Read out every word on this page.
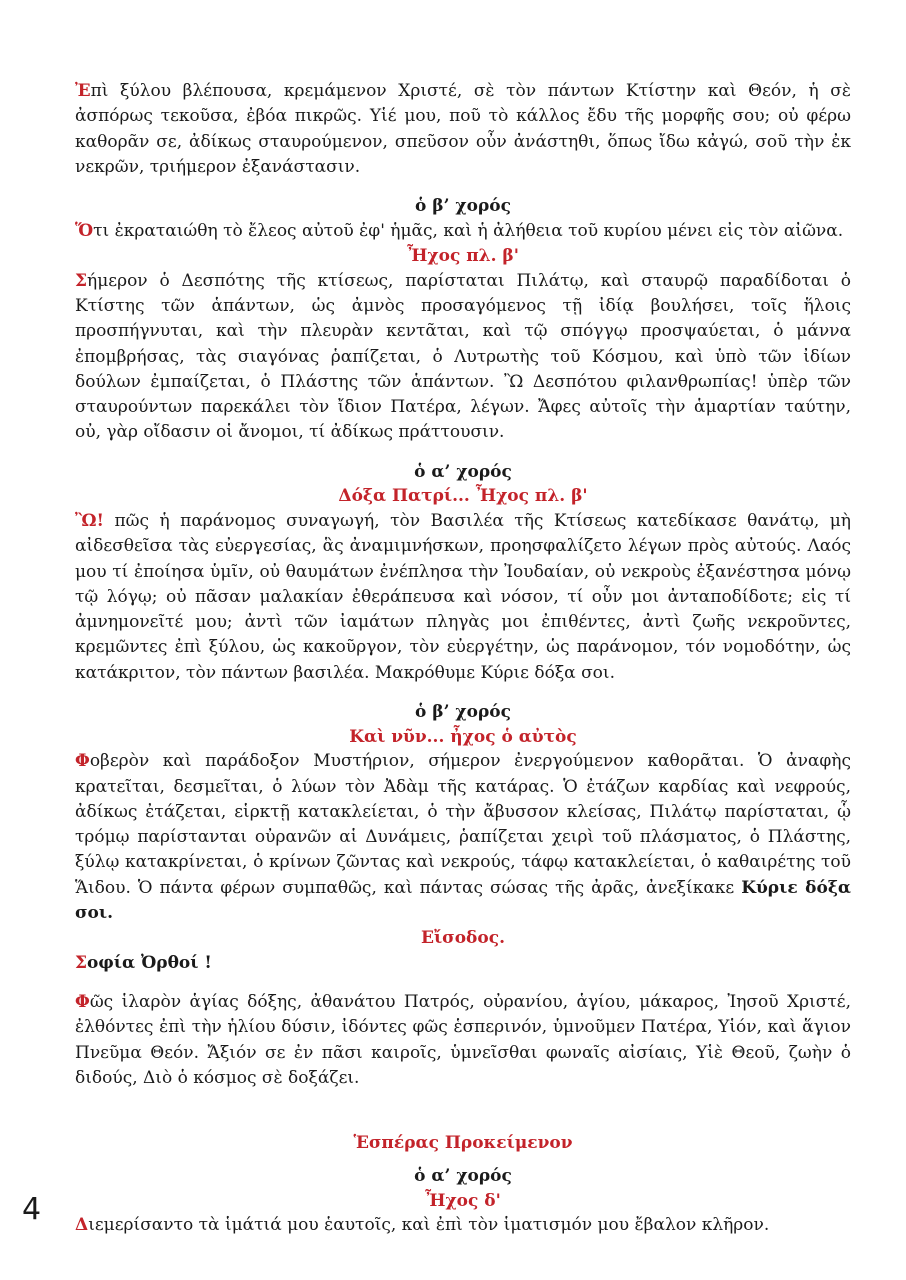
Ἐπὶ ξύλου βλέπουσα, κρεμάμενον Χριστέ, σὲ τὸν πάντων Κτίστην καὶ Θεόν, ἡ σὲ ἀσπόρως τεκοῦσα, ἐβόα πικρῶς. Υἱέ μου, ποῦ τὸ κάλλος ἔδυ τῆς μορφῆς σου; οὐ φέρω καθορᾶν σε, ἀδίκως σταυρούμενον, σπεῦσον οὖν ἀνάστηθι, ὅπως ἴδω κἀγώ, σοῦ τὴν ἐκ νεκρῶν, τριήμερον ἐξανάστασιν.

ὁ β’ χορός

Ὅτι ἐκραταιώθη τὸ ἔλεος αὐτοῦ ἐφ' ἡμᾶς, καὶ ἡ ἀλήθεια τοῦ κυρίου μένει εἰς τὸν αἰῶνα.

Ἦχος πλ. β'

Σήμερον ὁ Δεσπότης τῆς κτίσεως, παρίσταται Πιλάτῳ, καὶ σταυρῷ παραδίδοται ὁ Κτίστης τῶν ἁπάντων, ὡς ἀμνὸς προσαγόμενος τῇ ἰδίᾳ βουλήσει, τοῖς ἥλοις προσπήγνυται, καὶ τὴν πλευρὰν κεντᾶται, καὶ τῷ σπόγγῳ προσψαύεται, ὁ μάννα ἐπομβρήσας, τὰς σιαγόνας ῥαπίζεται, ὁ Λυτρωτὴς τοῦ Κόσμου, καὶ ὑπὸ τῶν ἰδίων δούλων ἐμπαίζεται, ὁ Πλάστης τῶν ἁπάντων. Ὢ Δεσπότου φιλανθρωπίας! ὑπὲρ τῶν σταυρούντων παρεκάλει τὸν ἴδιον Πατέρα, λέγων. Ἄφες αὐτοῖς τὴν ἁμαρτίαν ταύτην, οὐ, γὰρ οἴδασιν οἱ ἄνομοι, τί ἀδίκως πράττουσιν.

ὁ α’ χορός

Δόξα Πατρί... Ἦχος πλ. β'

Ὢ! πῶς ἡ παράνομος συναγωγή, τὸν Βασιλέα τῆς Κτίσεως κατεδίκασε θανάτῳ, μὴ αἰδεσθεῖσα τὰς εὐεργεσίας, ἃς ἀναμιμνήσκων, προησφαλίζετο λέγων πρὸς αὐτούς. Λαός μου τί ἐποίησα ὑμῖν, οὐ θαυμάτων ἐνέπλησα τὴν Ἰουδαίαν, οὐ νεκροὺς ἐξανέστησα μόνῳ τῷ λόγῳ; οὐ πᾶσαν μαλακίαν ἐθεράπευσα καὶ νόσον, τί οὖν μοι ἀνταποδίδοτε; εἰς τί ἀμνημονεῖτέ μου; ἀντὶ τῶν ἰαμάτων πληγὰς μοι ἐπιθέντες, ἀντὶ ζωῆς νεκροῦντες, κρεμῶντες ἐπὶ ξύλου, ὡς κακοῦργον, τὸν εὐεργέτην, ὡς παράνομον, τόν νομοδότην, ὡς κατάκριτον, τὸν πάντων βασιλέα. Μακρόθυμε Κύριε δόξα σοι.

ὁ β’ χορός

Καὶ νῦν... ἦχος ὁ αὐτὸς

Φοβερὸν καὶ παράδοξον Μυστήριον, σήμερον ἐνεργούμενον καθορᾶται. Ὁ ἀναφὴς κρατεῖται, δεσμεῖται, ὁ λύων τὸν Ἀδὰμ τῆς κατάρας. Ὁ ἐτάζων καρδίας καὶ νεφρούς, ἀδίκως ἐτάζεται, εἱρκτῇ κατακλείεται, ὁ τὴν ἄβυσσον κλείσας, Πιλάτῳ παρίσταται, ᾧ τρόμῳ παρίστανται οὐρανῶν αἱ Δυνάμεις, ῥαπίζεται χειρὶ τοῦ πλάσματος, ὁ Πλάστης, ξύλῳ κατακρίνεται, ὁ κρίνων ζῶντας καὶ νεκρούς, τάφῳ κατακλείεται, ὁ καθαιρέτης τοῦ Ἅιδου. Ὁ πάντα φέρων συμπαθῶς, καὶ πάντας σώσας τῆς ἀρᾶς, ἀνεξίκακε Κύριε δόξα σοι.

Εἴσοδος.

Σοφία Ὀρθοί !

Φῶς ἱλαρὸν ἁγίας δόξης, ἀθανάτου Πατρός, οὐρανίου, ἁγίου, μάκαρος, Ἰησοῦ Χριστέ, ἐλθόντες ἐπὶ τὴν ἡλίου δύσιν, ἰδόντες φῶς ἑσπερινόν, ὑμνοῦμεν Πατέρα, Υἱόν, καὶ ἅγιον Πνεῦμα Θεόν. Ἄξιόν σε ἐν πᾶσι καιροῖς, ὑμνεῖσθαι φωναῖς αἰσίαις, Υἱὲ Θεοῦ, ζωὴν ὁ διδούς, Διὸ ὁ κόσμος σὲ δοξάζει.

Ἑσπέρας Προκείμενον

ὁ α’ χορός

Ἦχος δ'

Διεμερίσαντο τὰ ἱμάτιά μου ἑαυτοῖς, καὶ ἐπὶ τὸν ἱματισμόν μου ἔβαλον κλῆρον.

4
